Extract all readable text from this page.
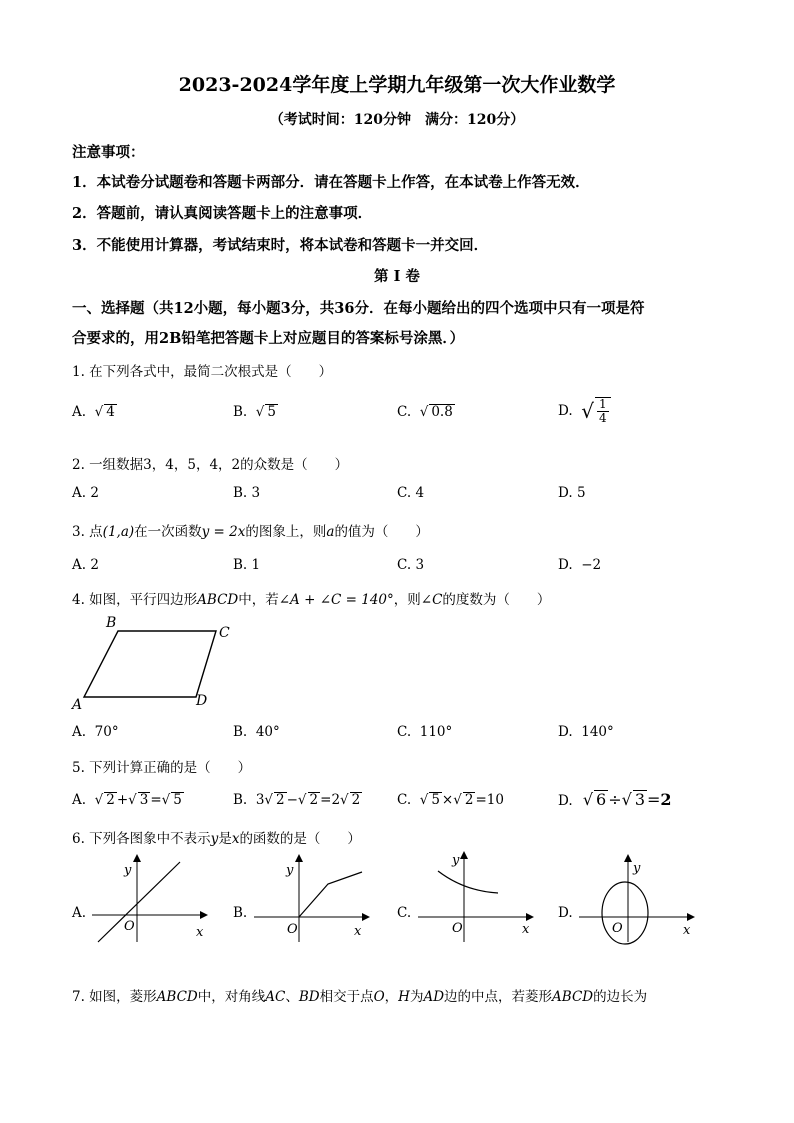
2023-2024学年度上学期九年级第一次大作业数学
（考试时间：120分钟　满分：120分）
注意事项：
1．本试卷分试题卷和答题卡两部分．请在答题卡上作答，在本试卷上作答无效．
2．答题前，请认真阅读答题卡上的注意事项．
3．不能使用计算器，考试结束时，将本试卷和答题卡一并交回．
第 I 卷
一、选择题（共12小题，每小题3分，共36分．在每小题给出的四个选项中只有一项是符
合要求的，用2B铅笔把答题卡上对应题目的答案标号涂黑．）
1. 在下列各式中，最简二次根式是（　　）
A.  √ 4	B.  √ 5	C.  √ 0.8	D. √ $\frac{1}{4}$
2. 一组数据3，4，5，4，2的众数是（　　）
A. 2	B. 3	C. 4	D. 5
3. 点(1,a)在一次函数y = 2x的图象上，则a的值为（　　）
A. 2	B. 1	C. 3	D. −2
4. 如图，平行四边形ABCD中，若∠A + ∠C = 140°，则∠C的度数为（　　）
B
C
A	D
A. 70°	B. 40°	C. 110°	D. 140°
5. 下列计算正确的是（　　）
A.  √ 2 +√ 3 =√ 5	B. 3√ 2 −√ 2 =2√ 2	C.  √ 5 ×√ 2 =10	D.  √ 6 ÷√ 3 =2
6. 下列各图象中不表示y是x的函数的是（　　）
A.
y
O	x
B.
y
O	x
C.
y
O	x
D.
y
O	x
7. 如图，菱形ABCD中，对角线AC、BD相交于点O，H为AD边的中点，若菱形ABCD的边长为
